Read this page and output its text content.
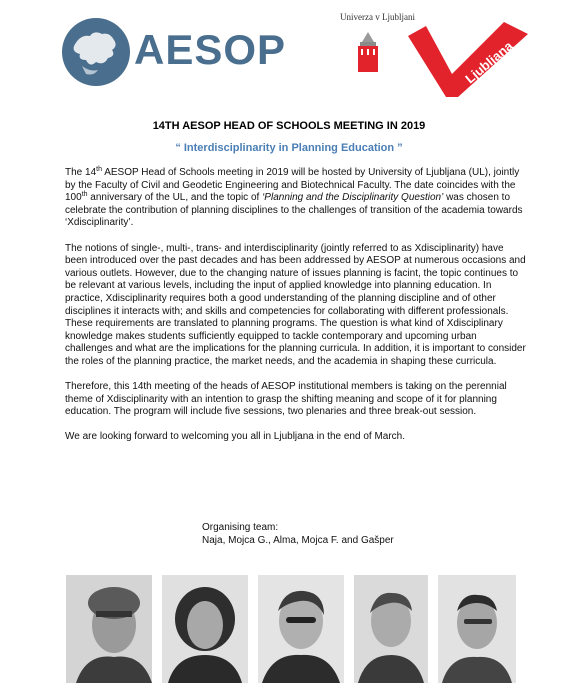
AESOP
Univerza v Ljubljani
Ljubljana
14TH AESOP HEAD OF SCHOOLS MEETING IN 2019
“ Interdisciplinarity in Planning Education ”

The 14th AESOP Head of Schools meeting in 2019 will be hosted by University of Ljubljana (UL), jointly by the Faculty of Civil and Geodetic Engineering and Biotechnical Faculty. The date coincides with the 100th anniversary of the UL, and the topic of ‘Planning and the Disciplinarity Question’ was chosen to celebrate the contribution of planning disciplines to the challenges of transition of the academia towards ‘Xdisciplinarity’.

The notions of single-, multi-, trans- and interdisciplinarity (jointly referred to as Xdisciplinarity) have been introduced over the past decades and has been addressed by AESOP at numerous occasions and various outlets. However, due to the changing nature of issues planning is facint, the topic continues to be relevant at various levels, including the input of applied knowledge into planning education. In practice, Xdisciplinarity requires both a good understanding of the planning discipline and of other disciplines it interacts with; and skills and competencies for collaborating with different professionals. These requirements are translated to planning programs. The question is what kind of Xdisciplinary knowledge makes students sufficiently equipped to tackle contemporary and upcoming urban challenges and what are the implications for the planning curricula. In addition, it is important to consider the roles of the planning practice, the market needs, and the academia in shaping these curricula.

Therefore, this 14th meeting of the heads of AESOP institutional members is taking on the perennial theme of Xdisciplinarity with an intention to grasp the shifting meaning and scope of it for planning education. The program will include five sessions, two plenaries and three break-out session.

We are looking forward to welcoming you all in Ljubljana in the end of March.

Organising team:
Naja, Mojca G., Alma, Mojca F. and Gašper
